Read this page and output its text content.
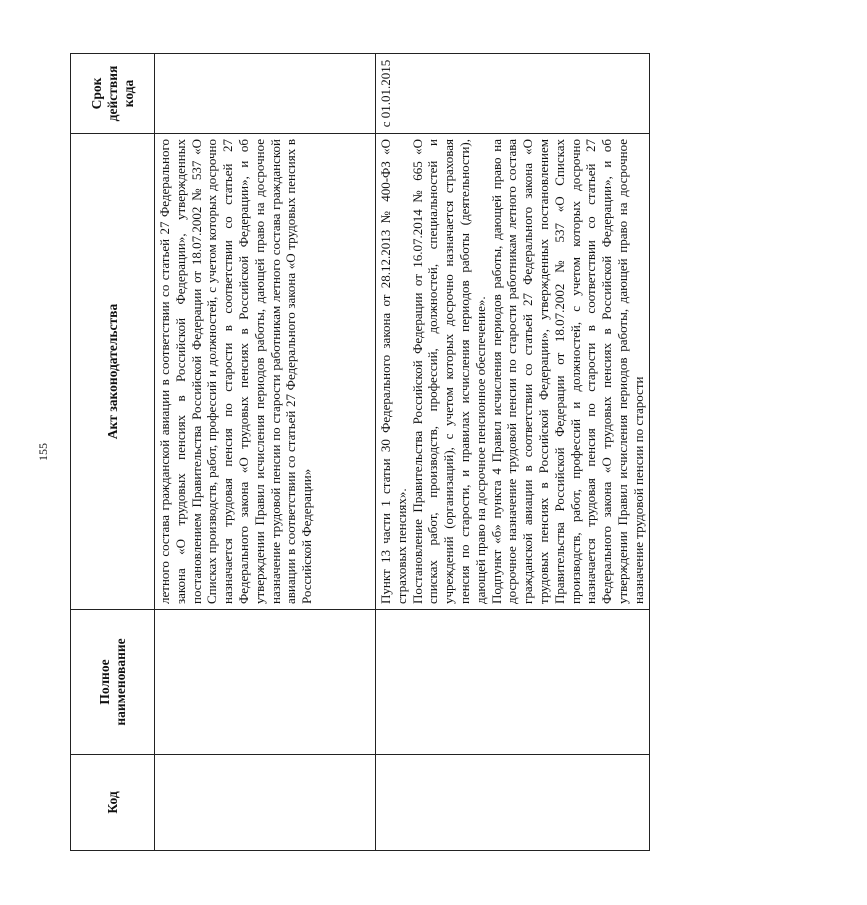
155
Код	Полное наименование	Акт законодательства	Срок действия кода

		летного состава гражданской авиации в соответствии со статьей 27 Федерального закона «О трудовых пенсиях в Российской Федерации», утвержденных постановлением Правительства Российской Федерации от 18.07.2002 № 537 «О Списках производств, работ, профессий и должностей, с учетом которых досрочно назначается трудовая пенсия по старости в соответствии со статьей 27 Федерального закона «О трудовых пенсиях в Российской Федерации», и об утверждении Правил исчисления периодов работы, дающей право на досрочное назначение трудовой пенсии по старости работникам летного состава гражданской авиации в соответствии со статьей 27 Федерального закона «О трудовых пенсиях в Российской Федерации»	

		Пункт 13 части 1 статьи 30 Федерального закона от 28.12.2013 № 400-ФЗ «О страховых пенсиях». Постановление Правительства Российской Федерации от 16.07.2014 № 665 «О списках работ, производств, профессий, должностей, специальностей и учреждений (организаций), с учетом которых досрочно назначается страховая пенсия по старости, и правилах исчисления периодов работы (деятельности), дающей право на досрочное пенсионное обеспечение». Подпункт «б» пункта 4 Правил исчисления периодов работы, дающей право на досрочное назначение трудовой пенсии по старости работникам летного состава гражданской авиации в соответствии со статьей 27 Федерального закона «О трудовых пенсиях в Российской Федерации», утвержденных постановлением Правительства Российской Федерации от 18.07.2002 № 537 «О Списках производств, работ, профессий и должностей, с учетом которых досрочно назначается трудовая пенсия по старости в соответствии со статьей 27 Федерального закона «О трудовых пенсиях в Российской Федерации», и об утверждении Правил исчисления периодов работы, дающей право на досрочное назначение трудовой пенсии по старости	с 01.01.2015
